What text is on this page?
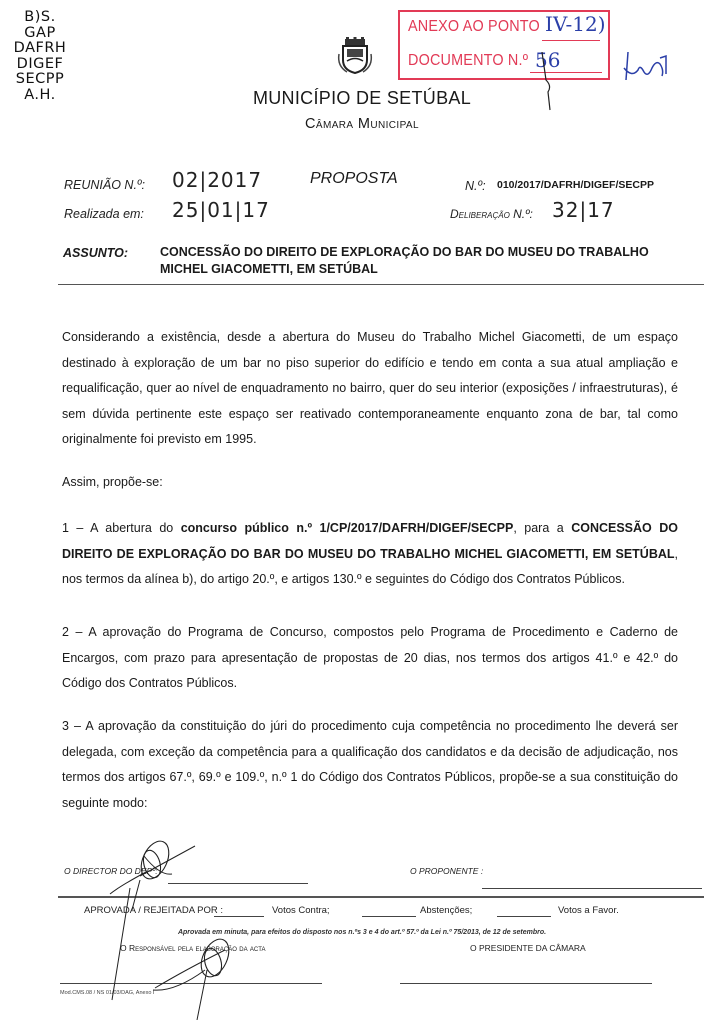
B)S.
GAP
DAFRH
DIGEF
SECPP
A.H.
ANEXO AO PONTO IV-12)
DOCUMENTO N.º 56
MUNICÍPIO DE SETÚBAL
Câmara Municipal
REUNIÃO N.º: 02|2017	PROPOSTA	N.º: 010/2017/DAFRH/DIGEF/SECPP
Realizada em: 25|01|17	Deliberação N.º: 32|17
ASSUNTO:	CONCESSÃO DO DIREITO DE EXPLORAÇÃO DO BAR DO MUSEU DO TRABALHO
MICHEL GIACOMETTI, EM SETÚBAL
Considerando a existência, desde a abertura do Museu do Trabalho Michel Giacometti, de um espaço destinado à exploração de um bar no piso superior do edifício e tendo em conta a sua atual ampliação e requalificação, quer ao nível de enquadramento no bairro, quer do seu interior (exposições / infraestruturas), é sem dúvida pertinente este espaço ser reativado contemporaneamente enquanto zona de bar, tal como originalmente foi previsto em 1995.
Assim, propõe-se:
1 – A abertura do concurso público n.º 1/CP/2017/DAFRH/DIGEF/SECPP, para a CONCESSÃO DO DIREITO DE EXPLORAÇÃO DO BAR DO MUSEU DO TRABALHO MICHEL GIACOMETTI, EM SETÚBAL, nos termos da alínea b), do artigo 20.º, e artigos 130.º e seguintes do Código dos Contratos Públicos.
2 – A aprovação do Programa de Concurso, compostos pelo Programa de Procedimento e Caderno de Encargos, com prazo para apresentação de propostas de 20 dias, nos termos dos artigos 41.º e 42.º do Código dos Contratos Públicos.
3 – A aprovação da constituição do júri do procedimento cuja competência no procedimento lhe deverá ser delegada, com exceção da competência para a qualificação dos candidatos e da decisão de adjudicação, nos termos dos artigos 67.º, 69.º e 109.º, n.º 1 do Código dos Contratos Públicos, propõe-se a sua constituição do seguinte modo:
O DIRECTOR DO DEPº:	O PROPONENTE :
APROVADA / REJEITADA POR :	Votos Contra;	Abstenções;	Votos a Favor.
Aprovada em minuta, para efeitos do disposto nos n.ºs 3 e 4 do art.º 57.º da Lei n.º 75/2013, de 12 de setembro.
O Responsável pela elaboração da acta	O PRESIDENTE DA CÂMARA
Mod.CMS.08 / NS 01/03/DAG, Anexo I
